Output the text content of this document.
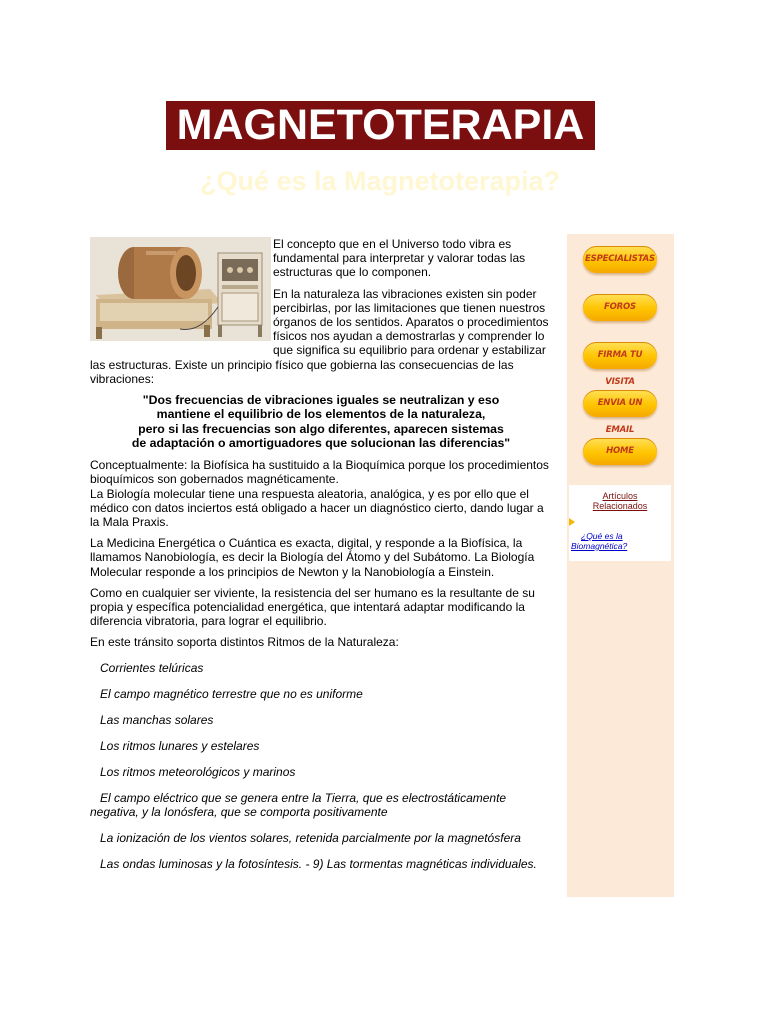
MAGNETOTERAPIA
¿Qué es la Magnetoterapia?

El concepto que en el Universo todo vibra es fundamental para interpretar y valorar todas las estructuras que lo componen.

En la naturaleza las vibraciones existen sin poder percibirlas, por las limitaciones que tienen nuestros órganos de los sentidos. Aparatos o procedimientos físicos nos ayudan a demostrarlas y comprender lo que significa su equilibrio para ordenar y estabilizar las estructuras. Existe un principio físico que gobierna las consecuencias de las vibraciones:

"Dos frecuencias de vibraciones iguales se neutralizan y eso
mantiene el equilibrio de los elementos de la naturaleza,
pero si las frecuencias son algo diferentes, aparecen sistemas
de adaptación o amortiguadores que solucionan las diferencias"

Conceptualmente: la Biofísica ha sustituido a la Bioquímica porque los procedimientos bioquímicos son gobernados magnéticamente.

La Biología molecular tiene una respuesta aleatoria, analógica, y es por ello que el médico con datos inciertos está obligado a hacer un diagnóstico cierto, dando lugar a la Mala Praxis.

La Medicina Energética o Cuántica es exacta, digital, y responde a la Biofísica, la llamamos Nanobiología, es decir la Biología del Átomo y del Subátomo. La Biología Molecular responde a los principios de Newton y la Nanobiología a Einstein.

Como en cualquier ser viviente, la resistencia del ser humano es la resultante de su propia y específica potencialidad energética, que intentará adaptar modificando la diferencia vibratoria, para lograr el equilibrio.

En este tránsito soporta distintos Ritmos de la Naturaleza:

Corrientes telúricas
El campo magnético terrestre que no es uniforme
Las manchas solares
Los ritmos lunares y estelares
Los ritmos meteorológicos y marinos
El campo eléctrico que se genera entre la Tierra, que es electrostáticamente negativa, y la Ionósfera, que se comporta positivamente
La ionización de los vientos solares, retenida parcialmente por la magnetósfera
Las ondas luminosas y la fotosíntesis. - 9) Las tormentas magnéticas individuales.
ESPECIALISTAS
FOROS
FIRMA TU VISITA
ENVIA UN EMAIL
HOME
Artículos
Relacionados
¿Qué es la
Biomagnética?
